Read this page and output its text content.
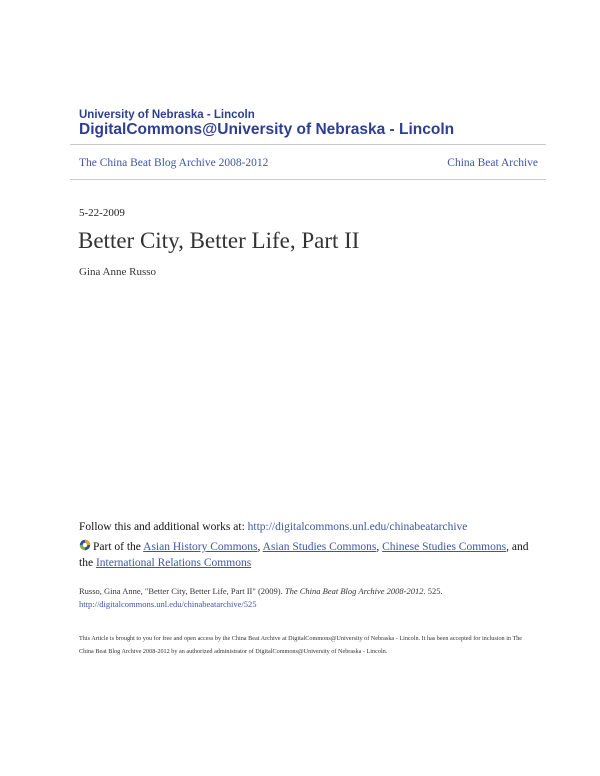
University of Nebraska - Lincoln
DigitalCommons@University of Nebraska - Lincoln
The China Beat Blog Archive 2008-2012	China Beat Archive
5-22-2009
Better City, Better Life, Part II
Gina Anne Russo
Follow this and additional works at: http://digitalcommons.unl.edu/chinabeatarchive
Part of the Asian History Commons, Asian Studies Commons, Chinese Studies Commons, and
the International Relations Commons
Russo, Gina Anne, "Better City, Better Life, Part II" (2009). The China Beat Blog Archive 2008-2012. 525.
http://digitalcommons.unl.edu/chinabeatarchive/525
This Article is brought to you for free and open access by the China Beat Archive at DigitalCommons@University of Nebraska - Lincoln. It has been accepted for inclusion in The China Beat Blog Archive 2008-2012 by an authorized administrator of DigitalCommons@University of Nebraska - Lincoln.
